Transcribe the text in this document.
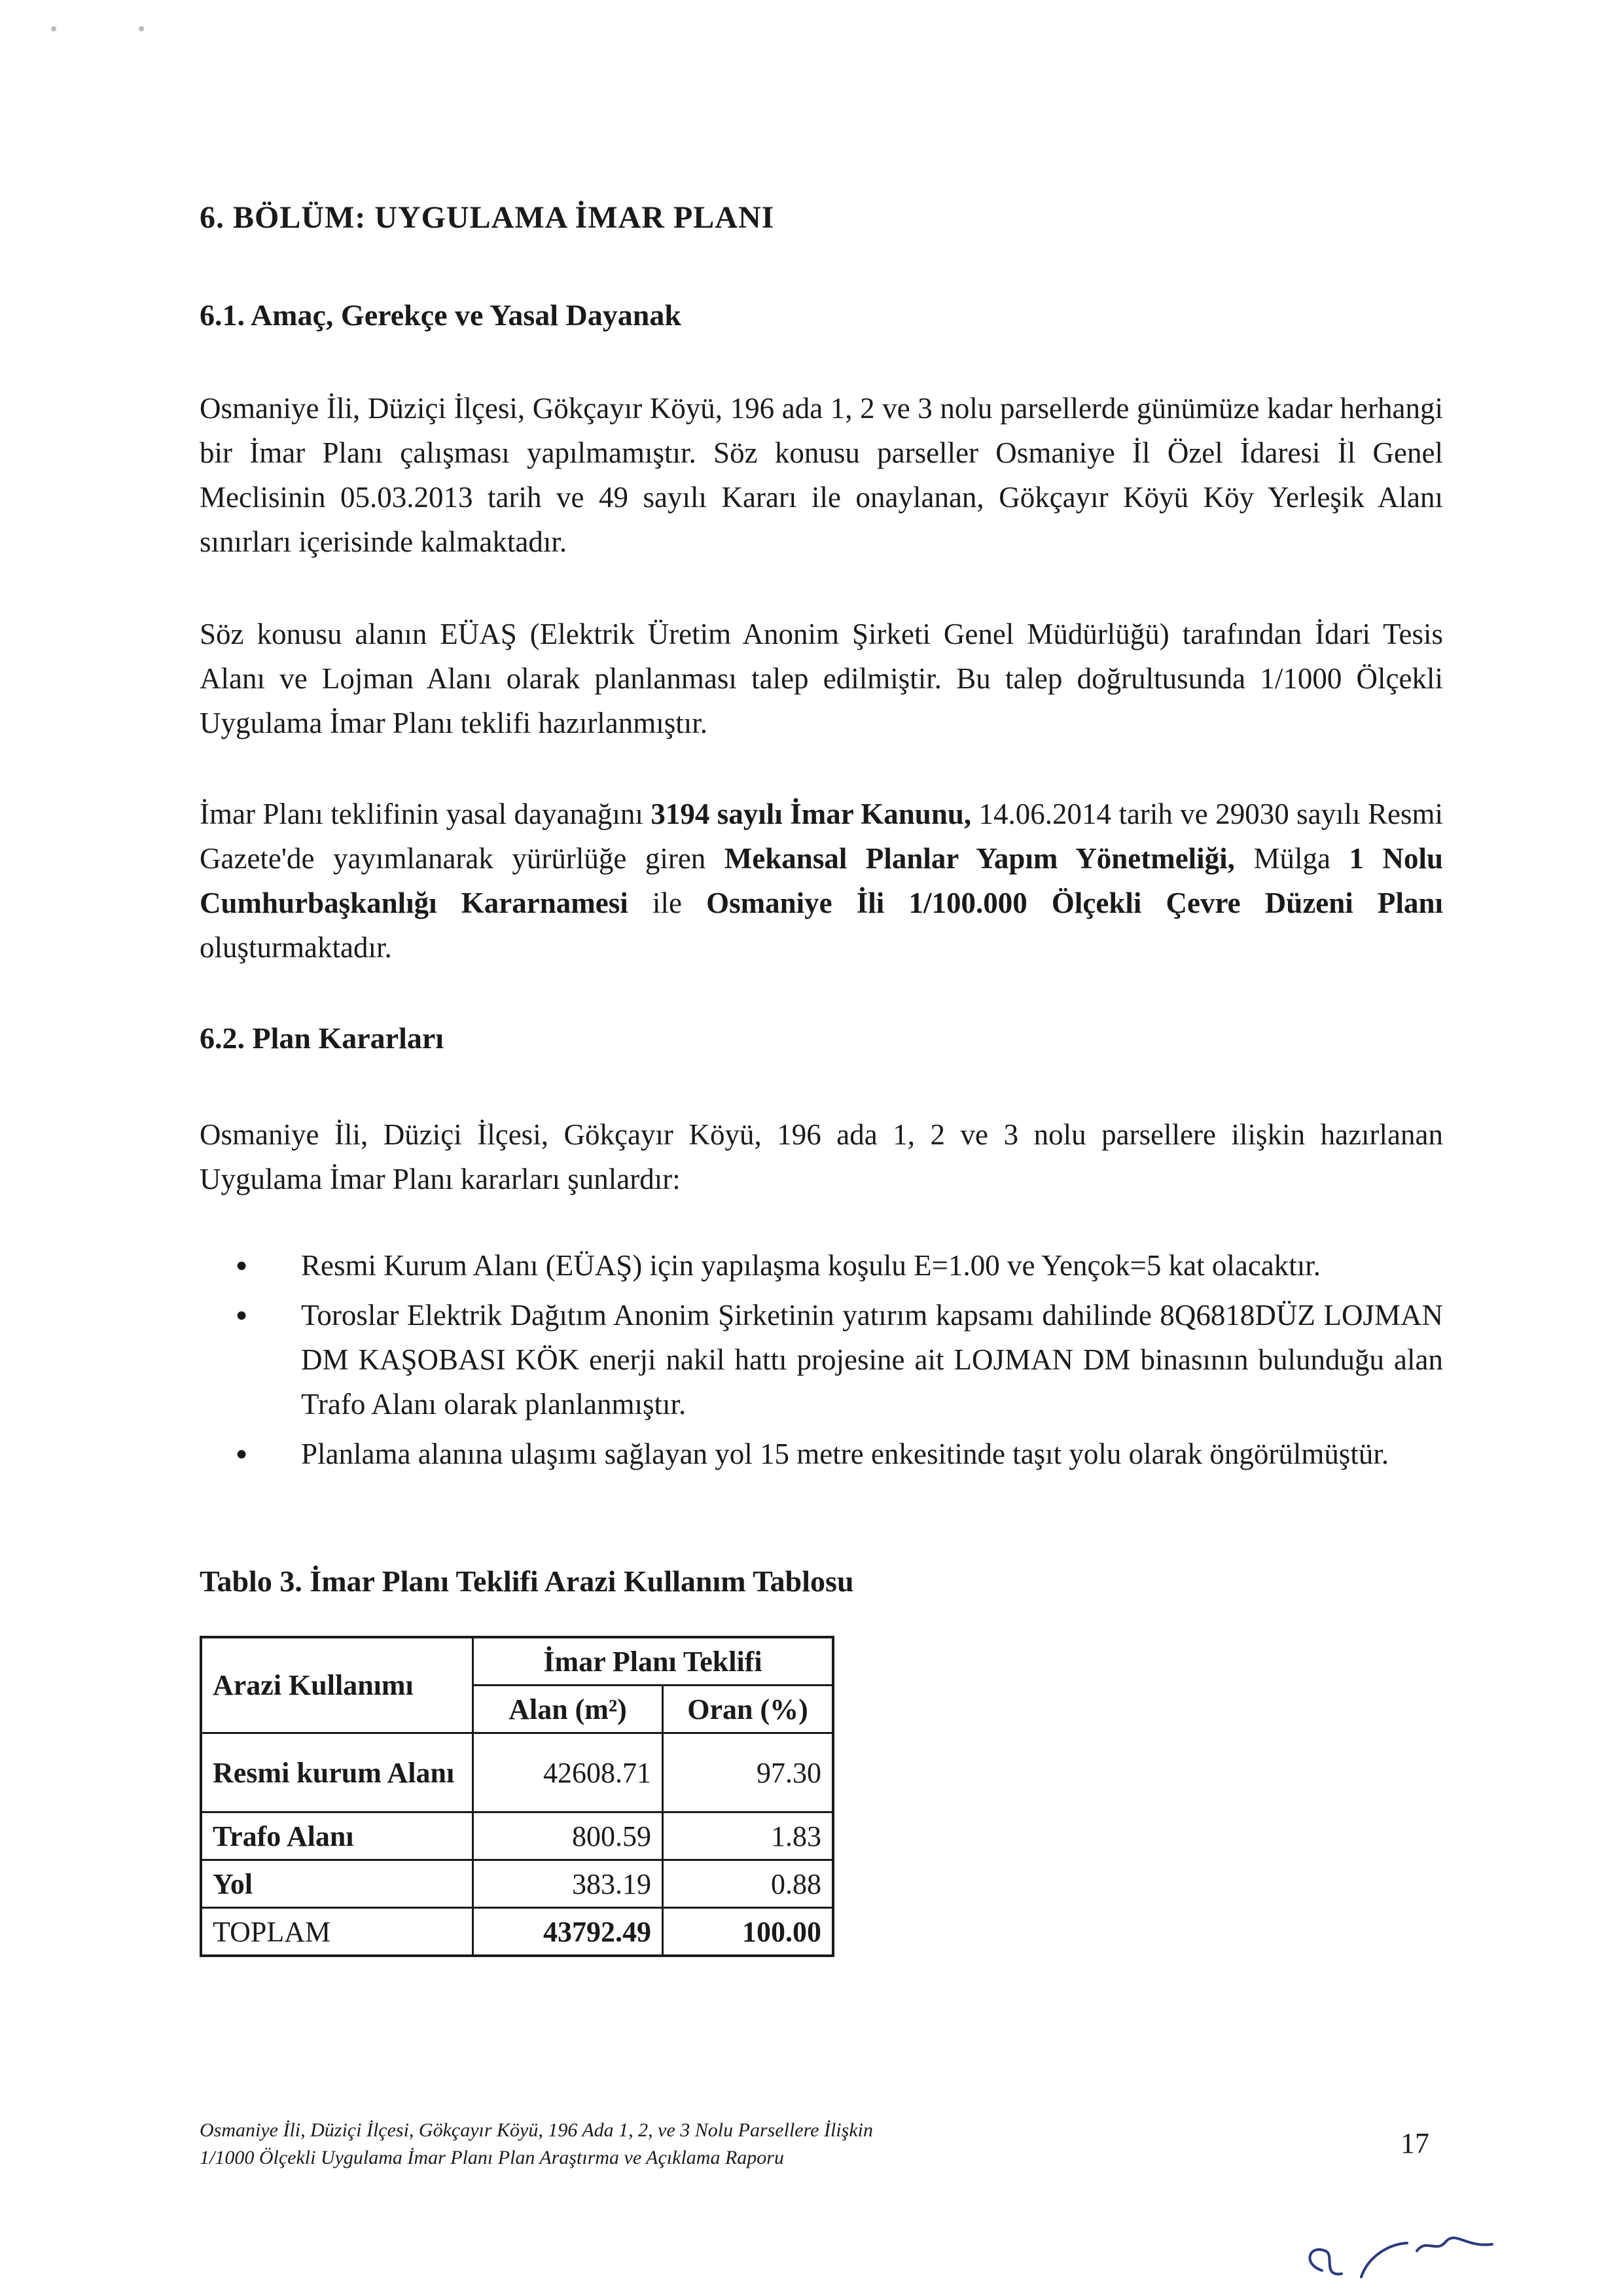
6. BÖLÜM: UYGULAMA İMAR PLANI
6.1. Amaç, Gerekçe ve Yasal Dayanak

Osmaniye İli, Düziçi İlçesi, Gökçayır Köyü, 196 ada 1, 2 ve 3 nolu parsellerde günümüze kadar herhangi bir İmar Planı çalışması yapılmamıştır. Söz konusu parseller Osmaniye İl Özel İdaresi İl Genel Meclisinin 05.03.2013 tarih ve 49 sayılı Kararı ile onaylanan, Gökçayır Köyü Köy Yerleşik Alanı sınırları içerisinde kalmaktadır.

Söz konusu alanın EÜAŞ (Elektrik Üretim Anonim Şirketi Genel Müdürlüğü) tarafından İdari Tesis Alanı ve Lojman Alanı olarak planlanması talep edilmiştir. Bu talep doğrultusunda 1/1000 Ölçekli Uygulama İmar Planı teklifi hazırlanmıştır.

İmar Planı teklifinin yasal dayanağını 3194 sayılı İmar Kanunu, 14.06.2014 tarih ve 29030 sayılı Resmi Gazete'de yayımlanarak yürürlüğe giren Mekansal Planlar Yapım Yönetmeliği, Mülga 1 Nolu Cumhurbaşkanlığı Kararnamesi ile Osmaniye İli 1/100.000 Ölçekli Çevre Düzeni Planı oluşturmaktadır.

6.2. Plan Kararları

Osmaniye İli, Düziçi İlçesi, Gökçayır Köyü, 196 ada 1, 2 ve 3 nolu parsellere ilişkin hazırlanan Uygulama İmar Planı kararları şunlardır:

● Resmi Kurum Alanı (EÜAŞ) için yapılaşma koşulu E=1.00 ve Yençok=5 kat olacaktır.
● Toroslar Elektrik Dağıtım Anonim Şirketinin yatırım kapsamı dahilinde 8Q6818DÜZ LOJMAN DM KAŞOBASI KÖK enerji nakil hattı projesine ait LOJMAN DM binasının bulunduğu alan Trafo Alanı olarak planlanmıştır.
● Planlama alanına ulaşımı sağlayan yol 15 metre enkesitinde taşıt yolu olarak öngörülmüştür.

Tablo 3. İmar Planı Teklifi Arazi Kullanım Tablosu

Arazi Kullanımı	İmar Planı Teklifi	
	Alan (m²)	Oran (%)
Resmi kurum Alanı	42608.71	97.30
Trafo Alanı	800.59	1.83
Yol	383.19	0.88
TOPLAM	43792.49	100.00
Osmaniye İli, Düziçi İlçesi, Gökçayır Köyü, 196 Ada 1, 2, ve 3 Nolu Parsellere İlişkin
1/1000 Ölçekli Uygulama İmar Planı Plan Araştırma ve Açıklama Raporu	17
